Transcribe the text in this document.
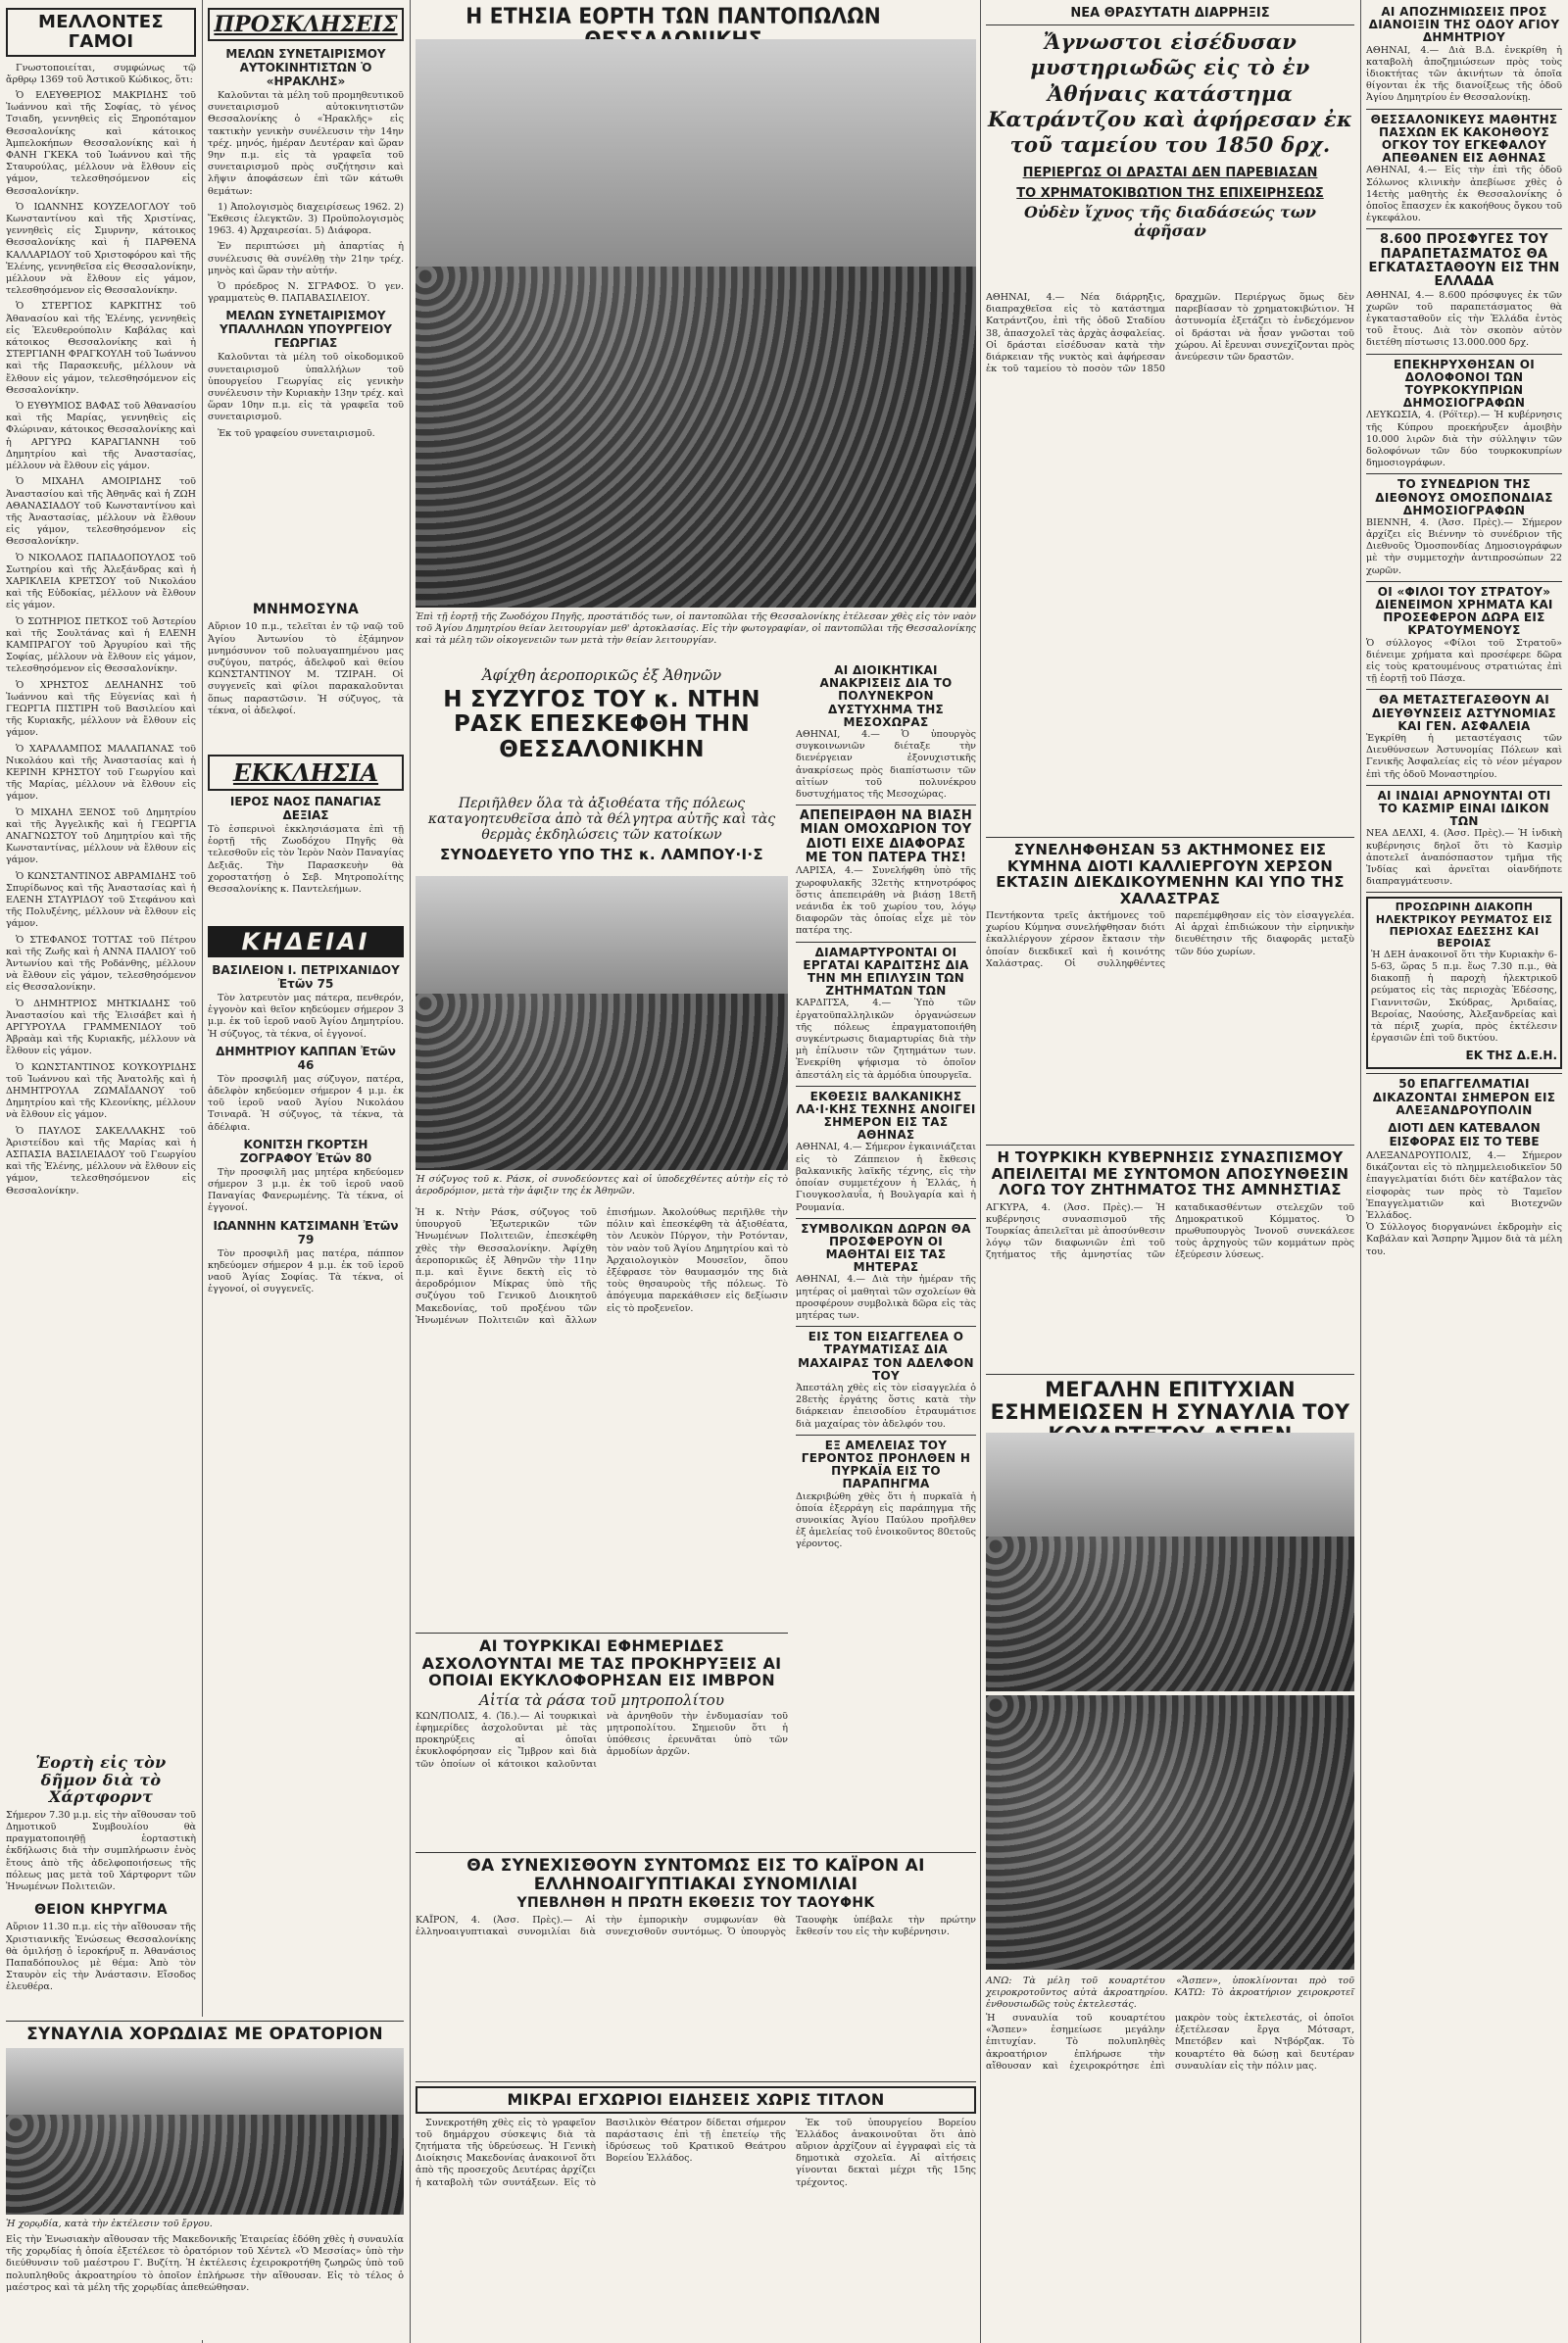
ΜΕΛΛΟΝΤΕΣ ΓΑΜΟΙ

Γνωστοποιείται, συμφώνως τῷ ἄρθρῳ 1369 τοῦ Ἀστικοῦ Κώδικος, ὅτι:

Ὁ ΕΛΕΥΘΕΡΙΟΣ ΜΑΚΡΙΔΗΣ τοῦ Ἰωάννου καὶ τῆς Σοφίας, τὸ γένος Τσιαδη, γεννηθεὶς εἰς Ξηροπόταμον Θεσσαλονίκης καὶ κάτοικος Ἀμπελοκήπων Θεσσαλονίκης καὶ ἡ ΦΑΝΗ ΓΚΕΚΑ τοῦ Ἰωάννου καὶ τῆς Σταυρούλας, μέλλουν νὰ ἔλθουν εἰς γάμον, τελεσθησόμενον εἰς Θεσσαλονίκην.

Ὁ ΙΩΑΝΝΗΣ ΚΟΥΖΕΛΟΓΛΟΥ τοῦ Κωνσταντίνου καὶ τῆς Χριστίνας, γεννηθεὶς εἰς Σμυρνην, κάτοικος Θεσσαλονίκης καὶ ἡ ΠΑΡΘΕΝΑ ΚΑΛΛΑΡΙΔΟΥ τοῦ Χριστοφόρου καὶ τῆς Ἑλένης, γεννηθεῖσα εἰς Θεσσαλονίκην, μέλλουν νὰ ἔλθουν εἰς γάμον, τελεσθησόμενον εἰς Θεσσαλονίκην.

Ὁ ΣΤΕΡΓΙΟΣ ΚΑΡΚΙΤΗΣ τοῦ Ἀθανασίου καὶ τῆς Ἐλένης, γεννηθεὶς εἰς Ἐλευθερούπολιν Καβάλας καὶ κάτοικος Θεσσαλονίκης καὶ ἡ ΣΤΕΡΓΙΑΝΗ ΦΡΑΓΚΟΥΛΗ τοῦ Ἰωάννου καὶ τῆς Παρασκευῆς, μέλλουν νὰ ἔλθουν εἰς γάμον, τελεσθησόμενον εἰς Θεσσαλονίκην.

Ὁ ΕΥΘΥΜΙΟΣ ΒΑΦΑΣ τοῦ Ἀθανασίου καὶ τῆς Μαρίας, γεννηθεὶς εἰς Φλώριναν, κάτοικος Θεσσαλονίκης καὶ ἡ ΑΡΓΥΡΩ ΚΑΡΑΓΙΑΝΝΗ τοῦ Δημητρίου καὶ τῆς Ἀναστασίας, μέλλουν νὰ ἔλθουν εἰς γάμον.

Ὁ ΜΙΧΑΗΛ ΑΜΟΙΡΙΔΗΣ τοῦ Ἀναστασίου καὶ τῆς Ἀθηνᾶς καὶ ἡ ΖΩΗ ΑΘΑΝΑΣΙΑΔΟΥ τοῦ Κωνσταντίνου καὶ τῆς Ἀναστασίας, μέλλουν νὰ ἔλθουν εἰς γάμον, τελεσθησόμενον εἰς Θεσσαλονίκην.

Ὁ ΝΙΚΟΛΑΟΣ ΠΑΠΑΔΟΠΟΥΛΟΣ τοῦ Σωτηρίου καὶ τῆς Ἀλεξάνδρας καὶ ἡ ΧΑΡΙΚΛΕΙΑ ΚΡΕΤΣΟΥ τοῦ Νικολάου καὶ τῆς Εὐδοκίας, μέλλουν νὰ ἔλθουν εἰς γάμον.

Ὁ ΣΩΤΗΡΙΟΣ ΠΕΤΚΟΣ τοῦ Ἀστερίου καὶ τῆς Σουλτάνας καὶ ἡ ΕΛΕΝΗ ΚΑΜΠΡΑΓΟΥ τοῦ Ἀργυρίου καὶ τῆς Σοφίας, μέλλουν νὰ ἔλθουν εἰς γάμον, τελεσθησόμενον εἰς Θεσσαλονίκην.

Ὁ ΧΡΗΣΤΟΣ ΔΕΛΗΑΝΗΣ τοῦ Ἰωάννου καὶ τῆς Εὐγενίας καὶ ἡ ΓΕΩΡΓΙΑ ΠΙΣΤΙΡΗ τοῦ Βασιλείου καὶ τῆς Κυριακῆς, μέλλουν νὰ ἔλθουν εἰς γάμον.

Ὁ ΧΑΡΑΛΑΜΠΟΣ ΜΑΛΑΠΑΝΑΣ τοῦ Νικολάου καὶ τῆς Ἀναστασίας καὶ ἡ ΚΕΡΙΝΗ ΚΡΗΣΤΟΥ τοῦ Γεωργίου καὶ τῆς Μαρίας, μέλλουν νὰ ἔλθουν εἰς γάμον.

Ὁ ΜΙΧΑΗΛ ΞΕΝΟΣ τοῦ Δημητρίου καὶ τῆς Ἀγγελικῆς καὶ ἡ ΓΕΩΡΓΙΑ ΑΝΑΓΝΩΣΤΟΥ τοῦ Δημητρίου καὶ τῆς Κωνσταντίνας, μέλλουν νὰ ἔλθουν εἰς γάμον.

Ὁ ΚΩΝΣΤΑΝΤΙΝΟΣ ΑΒΡΑΜΙΔΗΣ τοῦ Σπυρίδωνος καὶ τῆς Ἀναστασίας καὶ ἡ ΕΛΕΝΗ ΣΤΑΥΡΙΔΟΥ τοῦ Στεφάνου καὶ τῆς Πολυξένης, μέλλουν νὰ ἔλθουν εἰς γάμον.

Ὁ ΣΤΕΦΑΝΟΣ ΤΟΤΤΑΣ τοῦ Πέτρου καὶ τῆς Ζωῆς καὶ ἡ ΑΝΝΑ ΠΑΛΙΟΥ τοῦ Ἀντωνίου καὶ τῆς Ροδάνθης, μέλλουν νὰ ἔλθουν εἰς γάμον, τελεσθησόμενον εἰς Θεσσαλονίκην.

Ὁ ΔΗΜΗΤΡΙΟΣ ΜΗΤΚΙΑΔΗΣ τοῦ Ἀναστασίου καὶ τῆς Ἐλισάβετ καὶ ἡ ΑΡΓΥΡΟΥΛΑ ΓΡΑΜΜΕΝΙΔΟΥ τοῦ Ἀβραὰμ καὶ τῆς Κυριακῆς, μέλλουν νὰ ἔλθουν εἰς γάμον.

Ὁ ΚΩΝΣΤΑΝΤΙΝΟΣ ΚΟΥΚΟΥΡΙΔΗΣ τοῦ Ἰωάννου καὶ τῆς Ἀνατολῆς καὶ ἡ ΔΗΜΗΤΡΟΥΛΑ ΖΩΜΑΪΔΑΝΟΥ τοῦ Δημητρίου καὶ τῆς Κλεονίκης, μέλλουν νὰ ἔλθουν εἰς γάμον.

Ὁ ΠΑΥΛΟΣ ΣΑΚΕΛΛΑΚΗΣ τοῦ Ἀριστείδου καὶ τῆς Μαρίας καὶ ἡ ΑΣΠΑΣΙΑ ΒΑΣΙΛΕΙΑΔΟΥ τοῦ Γεωργίου καὶ τῆς Ἐλένης, μέλλουν νὰ ἔλθουν εἰς γάμον, τελεσθησόμενον εἰς Θεσσαλονίκην.

Ἑορτὴ εἰς τὸν δῆμον διὰ τὸ Χάρτφορντ
Σήμερον 7.30 μ.μ. εἰς τὴν αἴθουσαν τοῦ Δημοτικοῦ Συμβουλίου θὰ πραγματοποιηθῇ ἑορταστικὴ ἐκδήλωσις διὰ τὴν συμπλήρωσιν ἑνὸς ἔτους ἀπὸ τῆς ἀδελφοποιήσεως τῆς πόλεως μας μετὰ τοῦ Χάρτφορντ τῶν Ἡνωμένων Πολιτειῶν.
ΘΕΙΟΝ ΚΗΡΥΓΜΑ
Αὔριον 11.30 π.μ. εἰς τὴν αἴθουσαν τῆς Χριστιανικῆς Ἐνώσεως Θεσσαλονίκης θὰ ὁμιλήσῃ ὁ ἱεροκήρυξ π. Ἀθανάσιος Παπαδόπουλος μὲ θέμα: Ἀπὸ τὸν Σταυρὸν εἰς τὴν Ἀνάστασιν. Εἴσοδος ἐλευθέρα.
ΠΡΟΣΚΛΗΣΕΙΣ

ΜΕΛΩΝ ΣΥΝΕΤΑΙΡΙΣΜΟΥ ΑΥΤΟΚΙΝΗΤΙΣΤΩΝ Ὁ «ΗΡΑΚΛΗΣ»

Καλοῦνται τὰ μέλη τοῦ προμηθευτικοῦ συνεταιρισμοῦ αὐτοκινητιστῶν Θεσσαλονίκης ὁ «Ἡρακλῆς» εἰς τακτικὴν γενικὴν συνέλευσιν τὴν 14ην τρέχ. μηνός, ἡμέραν Δευτέραν καὶ ὥραν 9ην π.μ. εἰς τὰ γραφεῖα τοῦ συνεταιρισμοῦ πρὸς συζήτησιν καὶ λῆψιν ἀποφάσεων ἐπὶ τῶν κάτωθι θεμάτων:

1) Ἀπολογισμὸς διαχειρίσεως 1962. 2) Ἔκθεσις ἐλεγκτῶν. 3) Προϋπολογισμὸς 1963. 4) Ἀρχαιρεσίαι. 5) Διάφορα.

Ἐν περιπτώσει μὴ ἀπαρτίας ἡ συνέλευσις θὰ συνέλθῃ τὴν 21ην τρέχ. μηνὸς καὶ ὥραν τὴν αὐτήν.

Ὁ πρόεδρος Ν. ΣΓΡΑΦΟΣ. Ὁ γεν. γραμματεὺς Θ. ΠΑΠΑΒΑΣΙΛΕΙΟΥ.

ΜΕΛΩΝ ΣΥΝΕΤΑΙΡΙΣΜΟΥ ΥΠΑΛΛΗΛΩΝ ΥΠΟΥΡΓΕΙΟΥ ΓΕΩΡΓΙΑΣ

Καλοῦνται τὰ μέλη τοῦ οἰκοδομικοῦ συνεταιρισμοῦ ὑπαλλήλων τοῦ ὑπουργείου Γεωργίας εἰς γενικὴν συνέλευσιν τὴν Κυριακὴν 13ην τρέχ. καὶ ὥραν 10ην π.μ. εἰς τὰ γραφεῖα τοῦ συνεταιρισμοῦ.

Ἐκ τοῦ γραφείου συνεταιρισμοῦ.

ΜΝΗΜΟΣΥΝΑ
Αὔριον 10 π.μ., τελεῖται ἐν τῷ ναῷ τοῦ Ἁγίου Ἀντωνίου τὸ ἐξάμηνον μνημόσυνον τοῦ πολυαγαπημένου μας συζύγου, πατρός, ἀδελφοῦ καὶ θείου ΚΩΝΣΤΑΝΤΙΝΟΥ Μ. ΤΖΙΡΑΗ. Οἱ συγγενεῖς καὶ φίλοι παρακαλοῦνται ὅπως παραστῶσιν. Ἡ σύζυγος, τὰ τέκνα, οἱ ἀδελφοί.
ΕΚΚΛΗΣΙΑ

ΙΕΡΟΣ ΝΑΟΣ ΠΑΝΑΓΙΑΣ ΔΕΞΙΑΣ

Τὸ ἑσπερινοὶ ἐκκλησιάσματα ἐπὶ τῇ ἑορτῇ τῆς Ζωοδόχου Πηγῆς θὰ τελεσθοῦν εἰς τὸν Ἱερὸν Ναὸν Παναγίας Δεξιᾶς. Τὴν Παρασκευὴν θὰ χοροστατήσῃ ὁ Σεβ. Μητροπολίτης Θεσσαλονίκης κ. Παντελεήμων.
ΚΗΔΕΙΑΙ

ΒΑΣΙΛΕΙΟΝ Ι. ΠΕΤΡΙΧΑΝΙΔΟΥ Ἐτῶν 75

Τὸν λατρευτὸν μας πάτερα, πενθερόν, ἐγγονὸν καὶ θεῖον κηδεύομεν σήμερον 3 μ.μ. ἐκ τοῦ ἱεροῦ ναοῦ Ἁγίου Δημητρίου. Ἡ σύζυγος, τὰ τέκνα, οἱ ἐγγονοί.

ΔΗΜΗΤΡΙΟΥ ΚΑΠΠΑΝ Ἐτῶν 46

Τὸν προσφιλῆ μας σύζυγον, πατέρα, ἀδελφὸν κηδεύομεν σήμερον 4 μ.μ. ἐκ τοῦ ἱεροῦ ναοῦ Ἁγίου Νικολάου Τσιναρᾶ. Ἡ σύζυγος, τὰ τέκνα, τὰ ἀδέλφια.

ΚΟΝΙΤΣΗ ΓΚΟΡΤΣΗ ΖΟΓΡΑΦΟΥ Ἐτῶν 80

Τὴν προσφιλῆ μας μητέρα κηδεύομεν σήμερον 3 μ.μ. ἐκ τοῦ ἱεροῦ ναοῦ Παναγίας Φανερωμένης. Τὰ τέκνα, οἱ ἐγγονοί.

ΙΩΑΝΝΗΝ ΚΑΤΣΙΜΑΝΗ Ἐτῶν 79

Τὸν προσφιλῆ μας πατέρα, πάππον κηδεύομεν σήμερον 4 μ.μ. ἐκ τοῦ ἱεροῦ ναοῦ Ἁγίας Σοφίας. Τὰ τέκνα, οἱ ἐγγονοί, οἱ συγγενεῖς.

ΣΥΝΑΥΛΙΑ ΧΟΡΩΔΙΑΣ ΜΕ ΟΡΑΤΟΡΙΟΝ
Ἡ χορῳδία, κατὰ τὴν ἐκτέλεσιν τοῦ ἔργου.
Εἰς τὴν Ἑνωσιακὴν αἴθουσαν τῆς Μακεδονικῆς Ἑταιρείας ἐδόθη χθὲς ἡ συναυλία τῆς χορῳδίας ἡ ὁποία ἐξετέλεσε τὸ ὀρατόριον τοῦ Χέντελ «Ὁ Μεσσίας» ὑπὸ τὴν διεύθυνσιν τοῦ μαέστρου Γ. Βυζίτη. Ἡ ἐκτέλεσις ἐχειροκροτήθη ζωηρῶς ὑπὸ τοῦ πολυπληθοῦς ἀκροατηρίου τὸ ὁποῖον ἐπλήρωσε τὴν αἴθουσαν. Εἰς τὸ τέλος ὁ μαέστρος καὶ τὰ μέλη τῆς χορῳδίας ἀπεθεώθησαν.
Η ΕΤΗΣΙΑ ΕΟΡΤΗ ΤΩΝ ΠΑΝΤΟΠΩΛΩΝ
Ἐπὶ τῇ ἑορτῇ τῆς Ζωοδόχου Πηγῆς, προστάτιδός των, οἱ παντοπῶλαι τῆς Θεσσαλονίκης ἑτέλεσαν χθὲς εἰς τὸν ναὸν τοῦ Ἁγίου Δημητρίου θείαν λειτουργίαν μεθ' ἀρτοκλασίας. Εἰς τὴν φωτογραφίαν, οἱ παντοπῶλαι τῆς Θεσσαλονίκης καὶ τὰ μέλη τῶν οἰκογενειῶν των μετὰ τὴν θείαν λειτουργίαν.

Ἀφίχθη ἀεροπορικῶς ἐξ Ἀθηνῶν

Η ΣΥΖΥΓΟΣ ΤΟΥ κ. ΝΤΗΝ ΡΑΣΚ ΕΠΕΣΚΕΦΘΗ ΤΗΝ ΘΕΣΣΑΛΟΝΙΚΗΝ

Περιῆλθεν ὅλα τὰ ἀξιοθέατα τῆς πόλεως καταγοητευθεῖσα ἀπὸ τὰ θέλγητρα αὐτῆς καὶ τὰς θερμὰς ἐκδηλώσεις τῶν κατοίκων

ΣΥΝΟΔΕΥΕΤΟ ΥΠΟ ΤΗΣ κ. ΛΑΜΠΟΥ·Ι·Σ
Ἡ σύζυγος τοῦ κ. Ράσκ, οἱ συνοδεύοντες καὶ οἱ ὑποδεχθέντες αὐτὴν εἰς τὸ ἀεροδρόμιον, μετὰ τὴν ἀφιξιν της ἐκ Ἀθηνῶν.
Ἡ κ. Ντὴν Ράσκ, σύζυγος τοῦ ὑπουργοῦ Ἐξωτερικῶν τῶν Ἡνωμένων Πολιτειῶν, ἐπεσκέφθη χθὲς τὴν Θεσσαλονίκην. Ἀφίχθη ἀεροπορικῶς ἐξ Ἀθηνῶν τὴν 11ην π.μ. καὶ ἔγινε δεκτὴ εἰς τὸ ἀεροδρόμιον Μίκρας ὑπὸ τῆς συζύγου τοῦ Γενικοῦ Διοικητοῦ Μακεδονίας, τοῦ προξένου τῶν Ἡνωμένων Πολιτειῶν καὶ ἄλλων ἐπισήμων. Ἀκολούθως περιῆλθε τὴν πόλιν καὶ ἐπεσκέφθη τὰ ἀξιοθέατα, τὸν Λευκὸν Πύργον, τὴν Ροτόνταν, τὸν ναὸν τοῦ Ἁγίου Δημητρίου καὶ τὸ Ἀρχαιολογικὸν Μουσεῖον, ὅπου ἐξέφρασε τὸν θαυμασμόν της διὰ τοὺς θησαυροὺς τῆς πόλεως. Τὸ ἀπόγευμα παρεκάθισεν εἰς δεξίωσιν εἰς τὸ προξενεῖον.
ΑΙ ΔΙΟΙΚΗΤΙΚΑΙ ΑΝΑΚΡΙΣΕΙΣ ΔΙΑ ΤΟ ΠΟΛΥΝΕΚΡΟΝ ΔΥΣΤΥΧΗΜΑ ΤΗΣ ΜΕΣΟΧΩΡΑΣ
ΑΘΗΝΑΙ, 4.— Ὁ ὑπουργὸς συγκοινωνιῶν διέταξε τὴν διενέργειαν ἐξονυχιστικῆς ἀνακρίσεως πρὸς διαπίστωσιν τῶν αἰτίων τοῦ πολυνέκρου δυστυχήματος τῆς Μεσοχώρας.
ΑΠΕΠΕΙΡΑΘΗ ΝΑ ΒΙΑΣΗ ΜΙΑΝ ΟΜΟΧΩΡΙΟΝ ΤΟΥ ΔΙΟΤΙ ΕΙΧΕ ΔΙΑΦΟΡΑΣ ΜΕ ΤΟΝ ΠΑΤΕΡΑ ΤΗΣ!
ΛΑΡΙΣΑ, 4.— Συνελήφθη ὑπὸ τῆς χωροφυλακῆς 32ετὴς κτηνοτρόφος ὅστις ἀπεπειράθη νὰ βιάσῃ 18ετῆ νεάνιδα ἐκ τοῦ χωρίου του, λόγῳ διαφορῶν τὰς ὁποίας εἶχε μὲ τὸν πατέρα της.
ΔΙΑΜΑΡΤΥΡΟΝΤΑΙ ΟΙ ΕΡΓΑΤΑΙ ΚΑΡΔΙΤΣΗΣ ΔΙΑ ΤΗΝ ΜΗ ΕΠΙΛΥΣΙΝ ΤΩΝ ΖΗΤΗΜΑΤΩΝ ΤΩΝ
ΚΑΡΔΙΤΣΑ, 4.— Ὑπὸ τῶν ἐργατοϋπαλληλικῶν ὀργανώσεων τῆς πόλεως ἐπραγματοποιήθη συγκέντρωσις διαμαρτυρίας διὰ τὴν μὴ ἐπίλυσιν τῶν ζητημάτων των. Ἐνεκρίθη ψήφισμα τὸ ὁποῖον ἀπεστάλη εἰς τὰ ἁρμόδια ὑπουργεῖα.
ΕΚΘΕΣΙΣ ΒΑΛΚΑΝΙΚΗΣ ΛΑ·Ι·ΚΗΣ ΤΕΧΝΗΣ ΑΝΟΙΓΕΙ ΣΗΜΕΡΟΝ ΕΙΣ ΤΑΣ ΑΘΗΝΑΣ
ΑΘΗΝΑΙ, 4.— Σήμερον ἐγκαινιάζεται εἰς τὸ Ζάππειον ἡ ἔκθεσις βαλκανικῆς λαϊκῆς τέχνης, εἰς τὴν ὁποίαν συμμετέχουν ἡ Ἑλλάς, ἡ Γιουγκοσλαυΐα, ἡ Βουλγαρία καὶ ἡ Ρουμανία.
ΣΥΜΒΟΛΙΚΩΝ ΔΩΡΩΝ ΘΑ ΠΡΟΣΦΕΡΟΥΝ ΟΙ ΜΑΘΗΤΑΙ ΕΙΣ ΤΑΣ ΜΗΤΕΡΑΣ
ΑΘΗΝΑΙ, 4.— Διὰ τὴν ἡμέραν τῆς μητέρας οἱ μαθηταὶ τῶν σχολείων θὰ προσφέρουν συμβολικὰ δῶρα εἰς τὰς μητέρας των.
ΕΙΣ ΤΟΝ ΕΙΣΑΓΓΕΛΕΑ Ο ΤΡΑΥΜΑΤΙΣΑΣ ΔΙΑ ΜΑΧΑΙΡΑΣ ΤΟΝ ΑΔΕΛΦΟΝ ΤΟΥ
Ἀπεστάλη χθὲς εἰς τὸν εἰσαγγελέα ὁ 28ετὴς ἐργάτης ὅστις κατὰ τὴν διάρκειαν ἐπεισοδίου ἐτραυμάτισε διὰ μαχαίρας τὸν ἀδελφόν του.
ΕΞ ΑΜΕΛΕΙΑΣ ΤΟΥ ΓΕΡΟΝΤΟΣ ΠΡΟΗΛΘΕΝ Η ΠΥΡΚΑΪΑ ΕΙΣ ΤΟ ΠΑΡΑΠΗΓΜΑ
Διεκριβώθη χθὲς ὅτι ἡ πυρκαϊὰ ἡ ὁποία ἐξερράγη εἰς παράπηγμα τῆς συνοικίας Ἁγίου Παύλου προῆλθεν ἐξ ἀμελείας τοῦ ἐνοικοῦντος 80ετοῦς γέροντος.
ΑΙ ΤΟΥΡΚΙΚΑΙ ΕΦΗΜΕΡΙΔΕΣ ΑΣΧΟΛΟΥΝΤΑΙ ΜΕ ΤΑΣ ΠΡΟΚΗΡΥΞΕΙΣ ΑΙ ΟΠΟΙΑΙ ΕΚΥΚΛΟΦΟΡΗΣΑΝ ΕΙΣ ΙΜΒΡΟΝ

Αἰτία τὰ ράσα τοῦ μητροπολίτου

ΚΩΝ/ΠΟΛΙΣ, 4. (Ἰδ.).— Αἱ τουρκικαὶ ἐφημερίδες ἀσχολοῦνται μὲ τὰς προκηρύξεις αἱ ὁποῖαι ἐκυκλοφόρησαν εἰς Ἴμβρον καὶ διὰ τῶν ὁποίων οἱ κάτοικοι καλοῦνται νὰ ἀρνηθοῦν τὴν ἐνδυμασίαν τοῦ μητροπολίτου. Σημειοῦν ὅτι ἡ ὑπόθεσις ἐρευνᾶται ὑπὸ τῶν ἀρμοδίων ἀρχῶν.
ΘΑ ΣΥΝΕΧΙΣΘΟΥΝ ΣΥΝΤΟΜΩΣ ΕΙΣ ΤΟ ΚΑΪΡΟΝ ΑΙ ΕΛΛΗΝΟΑΙΓΥΠΤΙΑΚΑΙ ΣΥΝΟΜΙΛΙΑΙ
ΥΠΕΒΛΗΘΗ Η ΠΡΩΤΗ ΕΚΘΕΣΙΣ ΤΟΥ ΤΑΟΥΦΗΚ
ΚΑΪΡΟΝ, 4. (Ἀσσ. Πρὲς).— Αἱ ἑλληνοαιγυπτιακαὶ συνομιλίαι διὰ τὴν ἐμπορικὴν συμφωνίαν θὰ συνεχισθοῦν συντόμως. Ὁ ὑπουργὸς Ταουφὴκ ὑπέβαλε τὴν πρώτην ἔκθεσίν του εἰς τὴν κυβέρνησιν.
ΜΙΚΡΑΙ ΕΓΧΩΡΙΟΙ ΕΙΔΗΣΕΙΣ ΧΩΡΙΣ ΤΙΤΛΟΝ

Συνεκροτήθη χθὲς εἰς τὸ γραφεῖον τοῦ δημάρχου σύσκεψις διὰ τὰ ζητήματα τῆς ὑδρεύσεως. Ἡ Γενικὴ Διοίκησις Μακεδονίας ἀνακοινοῖ ὅτι ἀπὸ τῆς προσεχοῦς Δευτέρας ἀρχίζει ἡ καταβολὴ τῶν συντάξεων. Εἰς τὸ Βασιλικὸν Θέατρον δίδεται σήμερον παράστασις ἐπὶ τῇ ἐπετείῳ τῆς ἱδρύσεως τοῦ Κρατικοῦ Θεάτρου Βορείου Ἑλλάδος.

Ἐκ τοῦ ὑπουργείου Βορείου Ἑλλάδος ἀνακοινοῦται ὅτι ἀπὸ αὔριον ἀρχίζουν αἱ ἐγγραφαὶ εἰς τὰ δημοτικὰ σχολεῖα. Αἱ αἰτήσεις γίνονται δεκταὶ μέχρι τῆς 15ης τρέχοντος.

ΝΕΑ ΘΡΑΣΥΤΑΤΗ ΔΙΑΡΡΗΞΙΣ

Ἄγνωστοι εἰσέδυσαν μυστηριωδῶς εἰς τὸ ἐν Ἀθήναις κατάστημα Κατράντζου καὶ ἀφήρεσαν ἐκ τοῦ ταμείου του 1850 δρχ.

ΠΕΡΙΕΡΓΩΣ ΟΙ ΔΡΑΣΤΑΙ ΔΕΝ ΠΑΡΕΒΙΑΣΑΝ

ΤΟ ΧΡΗΜΑΤΟΚΙΒΩΤΙΟΝ ΤΗΣ ΕΠΙΧΕΙΡΗΣΕΩΣ

Οὐδὲν ἴχνος τῆς διαδάσεώς των ἀφῆσαν

ΑΘΗΝΑΙ, 4.— Νέα διάρρηξις, διαπραχθεῖσα εἰς τὸ κατάστημα Κατράντζου, ἐπὶ τῆς ὁδοῦ Σταδίου 38, ἀπασχολεῖ τὰς ἀρχὰς ἀσφαλείας. Οἱ δράσται εἰσέδυσαν κατὰ τὴν διάρκειαν τῆς νυκτὸς καὶ ἀφήρεσαν ἐκ τοῦ ταμείου τὸ ποσὸν τῶν 1850 δραχμῶν. Περιέργως ὅμως δὲν παρεβίασαν τὸ χρηματοκιβώτιον. Ἡ ἀστυνομία ἐξετάζει τὸ ἐνδεχόμενον οἱ δράσται νὰ ἦσαν γνῶσται τοῦ χώρου. Αἱ ἔρευναι συνεχίζονται πρὸς ἀνεύρεσιν τῶν δραστῶν.
ΣΥΝΕΛΗΦΘΗΣΑΝ 53 ΑΚΤΗΜΟΝΕΣ ΕΙΣ ΚΥΜΗΝΑ ΔΙΟΤΙ ΚΑΛΛΙΕΡΓΟΥΝ ΧΕΡΣΟΝ ΕΚΤΑΣΙΝ ΔΙΕΚΔΙΚΟΥΜΕΝΗΝ ΚΑΙ ΥΠΟ ΤΗΣ ΧΑΛΑΣΤΡΑΣ
Πεντήκοντα τρεῖς ἀκτήμονες τοῦ χωρίου Κύμηνα συνελήφθησαν διότι ἐκαλλιέργουν χέρσον ἔκτασιν τὴν ὁποίαν διεκδικεῖ καὶ ἡ κοινότης Χαλάστρας. Οἱ συλληφθέντες παρεπέμφθησαν εἰς τὸν εἰσαγγελέα. Αἱ ἀρχαὶ ἐπιδιώκουν τὴν εἰρηνικὴν διευθέτησιν τῆς διαφορᾶς μεταξὺ τῶν δύο χωρίων.
Η ΤΟΥΡΚΙΚΗ ΚΥΒΕΡΝΗΣΙΣ ΣΥΝΑΣΠΙΣΜΟΥ ΑΠΕΙΛΕΙΤΑΙ ΜΕ ΣΥΝΤΟΜΟΝ ΑΠΟΣΥΝΘΕΣΙΝ ΛΟΓΩ ΤΟΥ ΖΗΤΗΜΑΤΟΣ ΤΗΣ ΑΜΝΗΣΤΙΑΣ
ΑΓΚΥΡΑ, 4. (Ἀσσ. Πρὲς).— Ἡ κυβέρνησις συνασπισμοῦ τῆς Τουρκίας ἀπειλεῖται μὲ ἀποσύνθεσιν λόγῳ τῶν διαφωνιῶν ἐπὶ τοῦ ζητήματος τῆς ἀμνηστίας τῶν καταδικασθέντων στελεχῶν τοῦ Δημοκρατικοῦ Κόμματος. Ὁ πρωθυπουργὸς Ἰνονοῦ συνεκάλεσε τοὺς ἀρχηγοὺς τῶν κομμάτων πρὸς ἐξεύρεσιν λύσεως.
ΜΕΓΑΛΗΝ ΕΠΙΤΥΧΙΑΝ ΕΣΗΜΕΙΩΣΕΝ Η ΣΥΝΑΥΛΙΑ ΤΟΥ
ΑΝΩ: Τὰ μέλη τοῦ κουαρτέτου «Ἄσπεν», ὑποκλίνονται πρὸ τοῦ χειροκροτοῦντος αὐτὰ ἀκροατηρίου. ΚΑΤΩ: Τὸ ἀκροατήριον χειροκροτεῖ ἐνθουσιωδῶς τοὺς ἐκτελεστάς.
Ἡ συναυλία τοῦ κουαρτέτου «Ἄσπεν» ἐσημείωσε μεγάλην ἐπιτυχίαν. Τὸ πολυπληθὲς ἀκροατήριον ἐπλήρωσε τὴν αἴθουσαν καὶ ἐχειροκρότησε ἐπὶ μακρὸν τοὺς ἐκτελεστάς, οἱ ὁποῖοι ἐξετέλεσαν ἔργα Μότσαρτ, Μπετόβεν καὶ Ντβόρζακ. Τὸ κουαρτέτο θὰ δώσῃ καὶ δευτέραν συναυλίαν εἰς τὴν πόλιν μας.
ΑΙ ΑΠΟΖΗΜΙΩΣΕΙΣ ΠΡΟΣ ΔΙΑΝΟΙΞΙΝ ΤΗΣ ΟΔΟΥ ΑΓΙΟΥ ΔΗΜΗΤΡΙΟΥ
ΑΘΗΝΑΙ, 4.— Διὰ Β.Δ. ἐνεκρίθη ἡ καταβολὴ ἀποζημιώσεων πρὸς τοὺς ἰδιοκτήτας τῶν ἀκινήτων τὰ ὁποῖα θίγονται ἐκ τῆς διανοίξεως τῆς ὁδοῦ Ἁγίου Δημητρίου ἐν Θεσσαλονίκῃ.
ΘΕΣΣΑΛΟΝΙΚΕΥΣ ΜΑΘΗΤΗΣ ΠΑΣΧΩΝ ΕΚ ΚΑΚΟΗΘΟΥΣ ΟΓΚΟΥ ΤΟΥ ΕΓΚΕΦΑΛΟΥ ΑΠΕΘΑΝΕΝ ΕΙΣ ΑΘΗΝΑΣ
ΑΘΗΝΑΙ, 4.— Εἰς τὴν ἐπὶ τῆς ὁδοῦ Σόλωνος κλινικὴν ἀπεβίωσε χθὲς ὁ 14ετὴς μαθητὴς ἐκ Θεσσαλονίκης ὁ ὁποῖος ἔπασχεν ἐκ κακοήθους ὄγκου τοῦ ἐγκεφάλου.
8.600 ΠΡΟΣΦΥΓΕΣ ΤΟΥ ΠΑΡΑΠΕΤΑΣΜΑΤΟΣ ΘΑ ΕΓΚΑΤΑΣΤΑΘΟΥΝ ΕΙΣ ΤΗΝ ΕΛΛΑΔΑ
ΑΘΗΝΑΙ, 4.— 8.600 πρόσφυγες ἐκ τῶν χωρῶν τοῦ παραπετάσματος θὰ ἐγκατασταθοῦν εἰς τὴν Ἑλλάδα ἐντὸς τοῦ ἔτους. Διὰ τὸν σκοπὸν αὐτὸν διετέθη πίστωσις 13.000.000 δρχ.
ΕΠΕΚΗΡΥΧΘΗΣΑΝ ΟΙ ΔΟΛΟΦΟΝΟΙ ΤΩΝ ΤΟΥΡΚΟΚΥΠΡΙΩΝ ΔΗΜΟΣΙΟΓΡΑΦΩΝ
ΛΕΥΚΩΣΙΑ, 4. (Ρόϊτερ).— Ἡ κυβέρνησις τῆς Κύπρου προεκήρυξεν ἀμοιβὴν 10.000 λιρῶν διὰ τὴν σύλληψιν τῶν δολοφόνων τῶν δύο τουρκοκυπρίων δημοσιογράφων.
ΤΟ ΣΥΝΕΔΡΙΟΝ ΤΗΣ ΔΙΕΘΝΟΥΣ ΟΜΟΣΠΟΝΔΙΑΣ ΔΗΜΟΣΙΟΓΡΑΦΩΝ
ΒΙΕΝΝΗ, 4. (Ἀσσ. Πρὲς).— Σήμερον ἀρχίζει εἰς Βιέννην τὸ συνέδριον τῆς Διεθνοῦς Ὁμοσπονδίας Δημοσιογράφων μὲ τὴν συμμετοχὴν ἀντιπροσώπων 22 χωρῶν.
ΟΙ «ΦΙΛΟΙ ΤΟΥ ΣΤΡΑΤΟΥ» ΔΙΕΝΕΙΜΟΝ ΧΡΗΜΑΤΑ ΚΑΙ ΠΡΟΣΕΦΕΡΟΝ ΔΩΡΑ ΕΙΣ ΚΡΑΤΟΥΜΕΝΟΥΣ
Ὁ σύλλογος «Φίλοι τοῦ Στρατοῦ» διένειμε χρήματα καὶ προσέφερε δῶρα εἰς τοὺς κρατουμένους στρατιώτας ἐπὶ τῇ ἑορτῇ τοῦ Πάσχα.
ΘΑ ΜΕΤΑΣΤΕΓΑΣΘΟΥΝ ΑΙ ΔΙΕΥΘΥΝΣΕΙΣ ΑΣΤΥΝΟΜΙΑΣ ΚΑΙ ΓΕΝ. ΑΣΦΑΛΕΙΑ
Ἐγκρίθη ἡ μεταστέγασις τῶν Διευθύνσεων Ἀστυνομίας Πόλεων καὶ Γενικῆς Ἀσφαλείας εἰς τὸ νέον μέγαρον ἐπὶ τῆς ὁδοῦ Μοναστηρίου.
ΑΙ ΙΝΔΙΑΙ ΑΡΝΟΥΝΤΑΙ ΟΤΙ ΤΟ ΚΑΣΜΙΡ ΕΙΝΑΙ ΙΔΙΚΟΝ ΤΩΝ
ΝΕΑ ΔΕΛΧΙ, 4. (Ἀσσ. Πρὲς).— Ἡ ἰνδικὴ κυβέρνησις δηλοῖ ὅτι τὸ Κασμὶρ ἀποτελεῖ ἀναπόσπαστον τμῆμα τῆς Ἰνδίας καὶ ἀρνεῖται οἱανδήποτε διαπραγμάτευσιν.
ΠΡΟΣΩΡΙΝΗ ΔΙΑΚΟΠΗ ΗΛΕΚΤΡΙΚΟΥ ΡΕΥΜΑΤΟΣ ΕΙΣ ΠΕΡΙΟΧΑΣ ΕΔΕΣΣΗΣ ΚΑΙ ΒΕΡΟΙΑΣ
Ἡ ΔΕΗ ἀνακοινοῖ ὅτι τὴν Κυριακὴν 6-5-63, ὥρας 5 π.μ. ἕως 7.30 π.μ., θὰ διακοπῇ ἡ παροχὴ ἠλεκτρικοῦ ρεύματος εἰς τὰς περιοχὰς Ἐδέσσης, Γιαννιτσῶν, Σκύδρας, Ἀριδαίας, Βεροίας, Ναούσης, Ἀλεξανδρείας καὶ τὰ πέριξ χωρία, πρὸς ἐκτέλεσιν ἐργασιῶν ἐπὶ τοῦ δικτύου.

ΕΚ ΤΗΣ Δ.Ε.Η.

50 ΕΠΑΓΓΕΛΜΑΤΙΑΙ ΔΙΚΑΖΟΝΤΑΙ ΣΗΜΕΡΟΝ ΕΙΣ ΑΛΕΞΑΝΔΡΟΥΠΟΛΙΝ

ΔΙΟΤΙ ΔΕΝ ΚΑΤΕΒΑΛΟΝ ΕΙΣΦΟΡΑΣ ΕΙΣ ΤΟ ΤΕΒΕ

ΑΛΕΞΑΝΔΡΟΥΠΟΛΙΣ, 4.— Σήμερον δικάζονται εἰς τὸ πλημμελειοδικεῖον 50 ἐπαγγελματίαι διότι δὲν κατέβαλον τὰς εἰσφορὰς των πρὸς τὸ Ταμεῖον Ἐπαγγελματιῶν καὶ Βιοτεχνῶν Ἑλλάδος.
Ὁ Σύλλογος διοργανώνει ἐκδρομὴν εἰς Καβάλαν καὶ Ἄσπρην Ἄμμον διὰ τὰ μέλη του.
